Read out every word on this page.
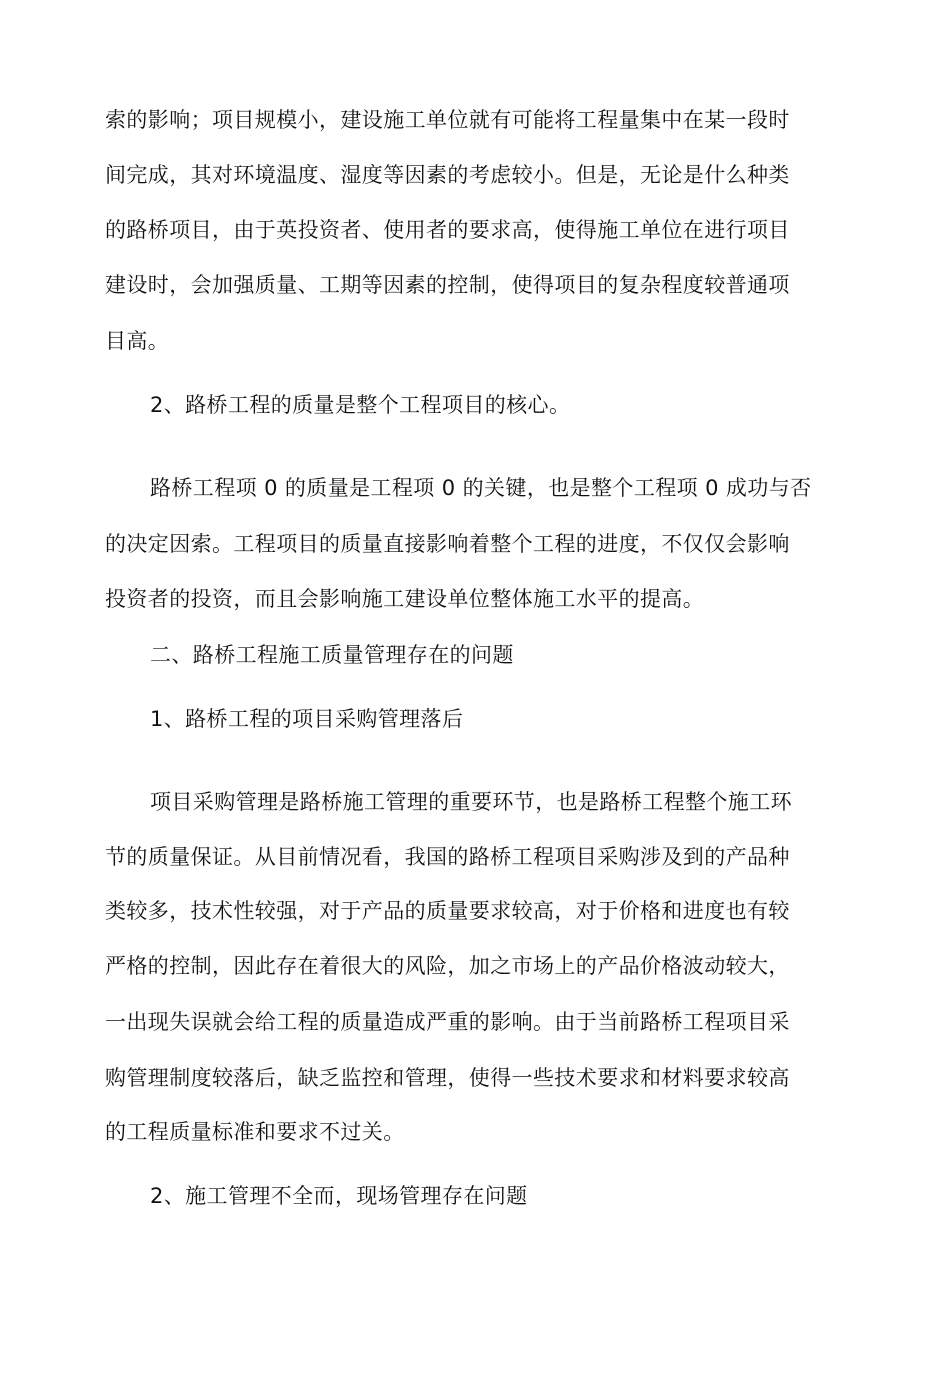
索的影响；项目规模小，建设施工单位就有可能将工程量集中在某一段时
间完成，其对环境温度、湿度等因素的考虑较小。但是，无论是什么种类
的路桥项目，由于英投资者、使用者的要求高，使得施工单位在进行项目
建设时，会加强质量、工期等因素的控制，使得项目的复杂程度较普通项
目高。
2、路桥工程的质量是整个工程项目的核心。
路桥工程项 0 的质量是工程项 0 的关键，也是整个工程项 0 成功与否
的决定因索。工程项目的质量直接影响着整个工程的进度，不仅仅会影响
投资者的投资，而且会影响施工建设单位整体施工水平的提高。
二、路桥工程施工质量管理存在的问题
1、路桥工程的项目采购管理落后
项目采购管理是路桥施工管理的重要环节，也是路桥工程整个施工环
节的质量保证。从目前情况看，我国的路桥工程项目采购涉及到的产品种
类较多，技术性较强，对于产品的质量要求较高，对于价格和进度也有较
严格的控制，因此存在着很大的风险，加之市场上的产品价格波动较大，
一出现失误就会给工程的质量造成严重的影响。由于当前路桥工程项目采
购管理制度较落后，缺乏监控和管理，使得一些技术要求和材料要求较高
的工程质量标准和要求不过关。
2、施工管理不全而，现场管理存在问题
